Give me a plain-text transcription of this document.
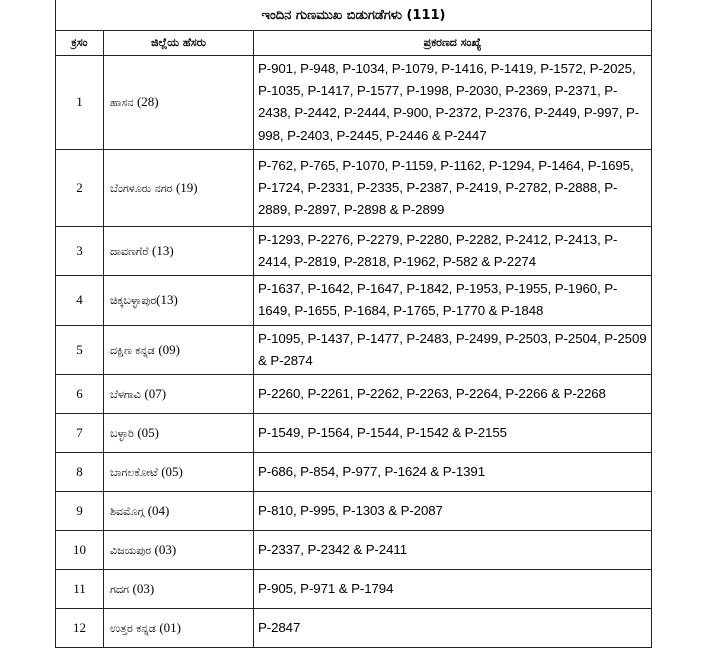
ಇಂದಿನ ಗುಣಮುಖ ಬಿಡುಗಡೆಗಳು (111)		
ಕ್ರಸಂ	ಜಿಲ್ಲೆಯ ಹೆಸರು	ಪ್ರಕರಣದ ಸಂಖ್ಯೆ
1	ಹಾಸನ (28)	P-901, P-948, P-1034, P-1079, P-1416, P-1419, P-1572, P-2025, P-1035, P-1417, P-1577, P-1998, P-2030, P-2369, P-2371, P-2438, P-2442, P-2444, P-900, P-2372, P-2376, P-2449, P-997, P-998, P-2403, P-2445, P-2446 & P-2447
2	ಬೆಂಗಳೂರು ನಗರ (19)	P-762, P-765, P-1070, P-1159, P-1162, P-1294, P-1464, P-1695, P-1724, P-2331, P-2335, P-2387, P-2419, P-2782, P-2888, P-2889, P-2897, P-2898 & P-2899
3	ದಾವಣಗೆರೆ (13)	P-1293, P-2276, P-2279, P-2280, P-2282, P-2412, P-2413, P-2414, P-2819, P-2818, P-1962, P-582 & P-2274
4	ಚಿಕ್ಕಬಳ್ಳಾಪುರ(13)	P-1637, P-1642, P-1647, P-1842, P-1953, P-1955, P-1960, P-1649, P-1655, P-1684, P-1765, P-1770 & P-1848
5	ದಕ್ಷಿಣ ಕನ್ನಡ (09)	P-1095, P-1437, P-1477, P-2483, P-2499, P-2503, P-2504, P-2509 & P-2874
6	ಬೆಳಗಾವಿ (07)	P-2260, P-2261, P-2262, P-2263, P-2264, P-2266 & P-2268
7	ಬಳ್ಳಾರಿ (05)	P-1549, P-1564, P-1544, P-1542 & P-2155
8	ಬಾಗಲಕೋಟೆ (05)	P-686, P-854, P-977, P-1624 & P-1391
9	ಶಿವಮೊಗ್ಗ (04)	P-810, P-995, P-1303 & P-2087
10	ವಿಜಯಪುರ (03)	P-2337, P-2342 & P-2411
11	ಗದಗ (03)	P-905, P-971 & P-1794
12	ಉತ್ತರ ಕನ್ನಡ (01)	P-2847
